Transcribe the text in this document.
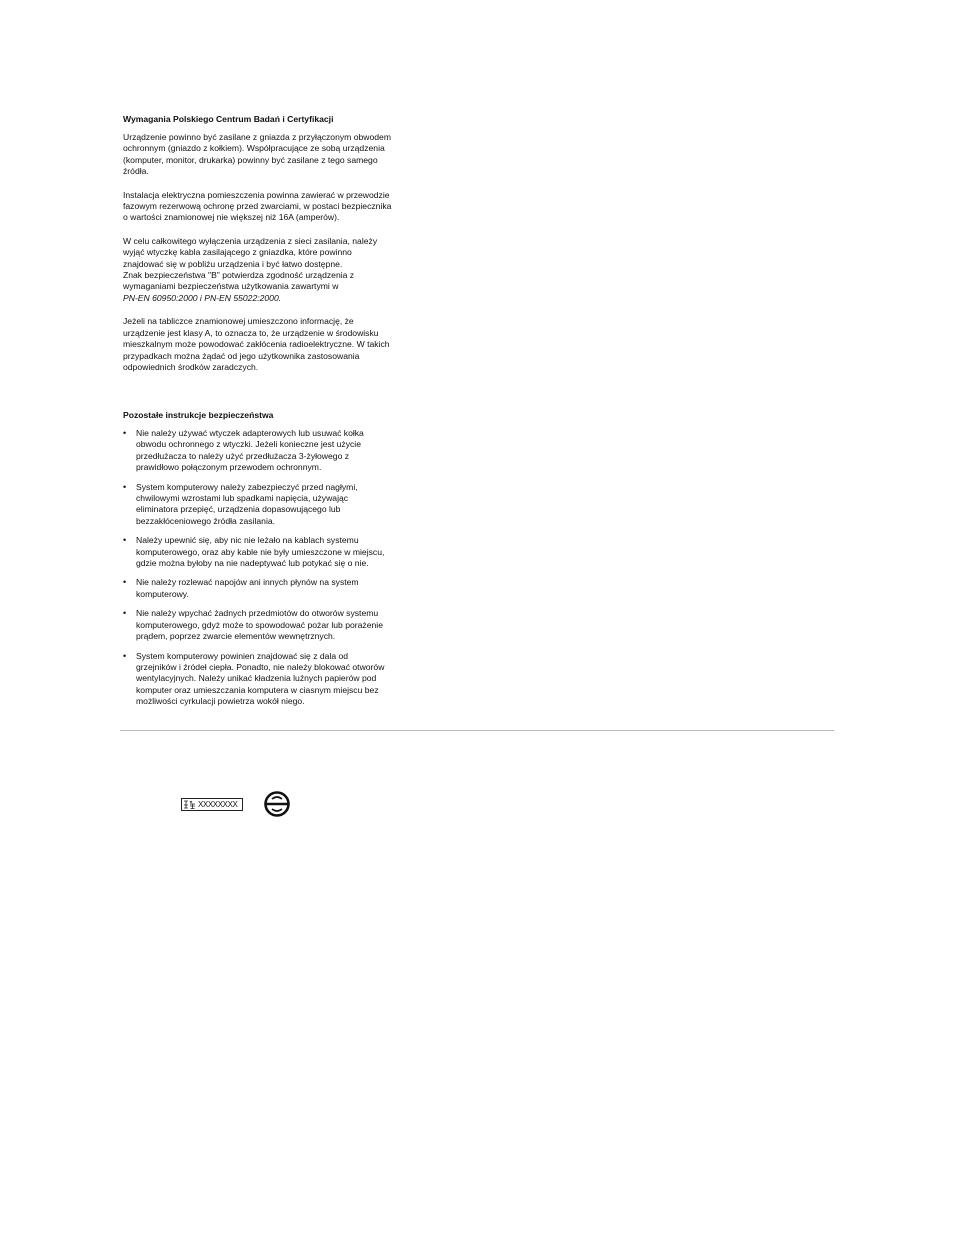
Wymagania Polskiego Centrum Badań i Certyfikacji
Urządzenie powinno być zasilane z gniazda z przyłączonym obwodem
ochronnym (gniazdo z kołkiem). Współpracujące ze sobą urządzenia
(komputer, monitor, drukarka) powinny być zasilane z tego samego
źródła.
Instalacja elektryczna pomieszczenia powinna zawierać w przewodzie
fazowym rezerwową ochronę przed zwarciami, w postaci bezpiecznika
o wartości znamionowej nie większej niż 16A (amperów).
W celu całkowitego wyłączenia urządzenia z sieci zasilania, należy
wyjąć wtyczkę kabla zasilającego z gniazdka, które powinno
znajdować się w pobliżu urządzenia i być łatwo dostępne.
Znak bezpieczeństwa "B" potwierdza zgodność urządzenia z
wymaganiami bezpieczeństwa użytkowania zawartymi w
PN-EN 60950:2000 i PN-EN 55022:2000.
Jeżeli na tabliczce znamionowej umieszczono informację, że
urządzenie jest klasy A, to oznacza to, że urządzenie w środowisku
mieszkalnym może powodować zakłócenia radioelektryczne. W takich
przypadkach można żądać od jego użytkownika zastosowania
odpowiednich środków zaradczych.
Pozostałe instrukcje bezpieczeństwa
• Nie należy używać wtyczek adapterowych lub usuwać kołka
obwodu ochronnego z wtyczki. Jeżeli konieczne jest użycie
przedłużacza to należy użyć przedłużacza 3-żyłowego z
prawidłowo połączonym przewodem ochronnym.
• System komputerowy należy zabezpieczyć przed nagłymi,
chwilowymi wzrostami lub spadkami napięcia, używając
eliminatora przepięć, urządzenia dopasowującego lub
bezzakłóceniowego źródła zasilania.
• Należy upewnić się, aby nic nie leżało na kablach systemu
komputerowego, oraz aby kable nie były umieszczone w miejscu,
gdzie można byłoby na nie nadeptywać lub potykać się o nie.
• Nie należy rozlewać napojów ani innych płynów na system
komputerowy.
• Nie należy wpychać żadnych przedmiotów do otworów systemu
komputerowego, gdyż może to spowodować pożar lub porażenie
prądem, poprzez zwarcie elementów wewnętrznych.
• System komputerowy powinien znajdować się z dala od
grzejników i źródeł ciepła. Ponadto, nie należy blokować otworów
wentylacyjnych. Należy unikać kładzenia luźnych papierów pod
komputer oraz umieszczania komputera w ciasnym miejscu bez
możliwości cyrkulacji powietrza wokół niego.
XXXXXXXX
